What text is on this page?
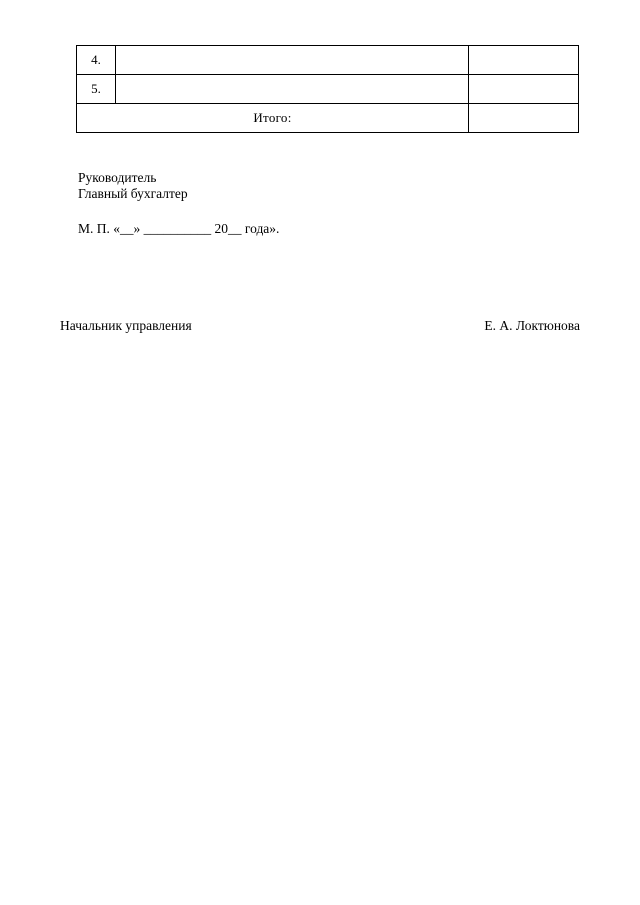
4.		
5.		
Итого:		
Руководитель
Главный бухгалтер
М. П. «__» __________ 20__ года».
Начальник управления	Е. А. Локтюнова
